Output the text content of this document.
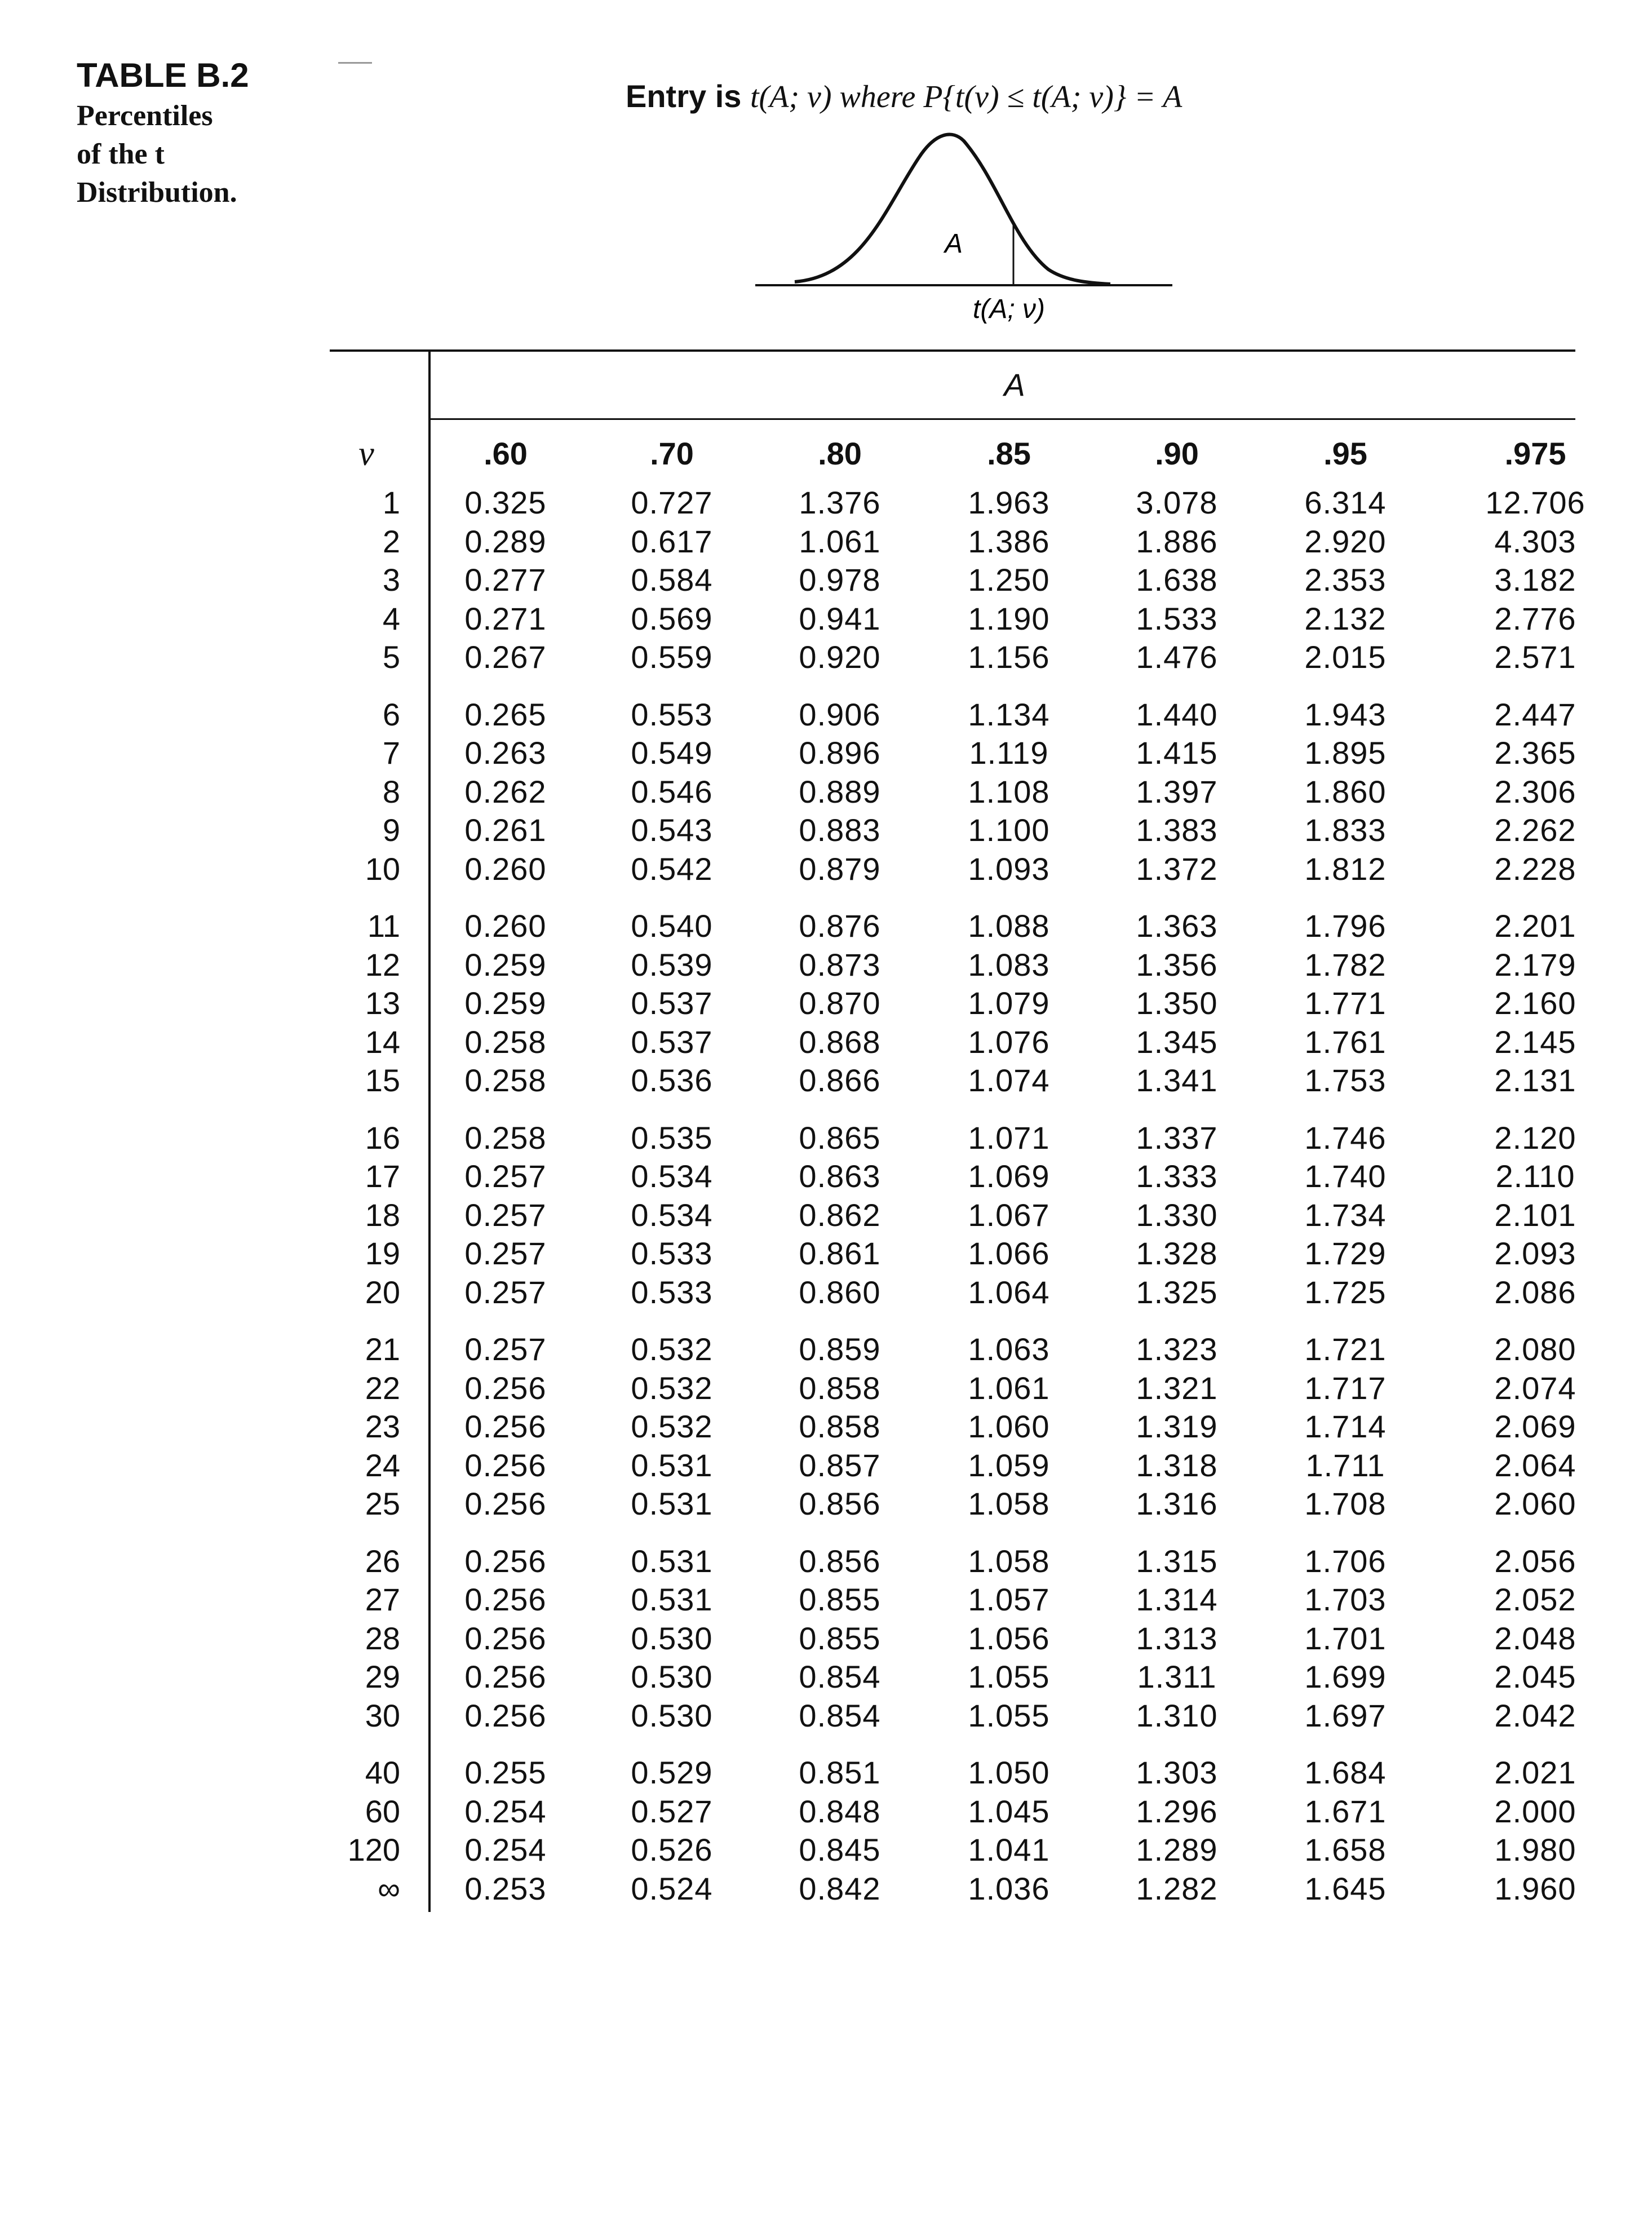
TABLE B.2
Percentiles
of the t
Distribution.
Entry is t(A; ν) where P{t(ν) ≤ t(A; ν)} = A
A
t(A; ν)
A
ν	.60	.70	.80	.85	.90	.95	.975
1	0.325	0.727	1.376	1.963	3.078	6.314	12.706
2	0.289	0.617	1.061	1.386	1.886	2.920	4.303
3	0.277	0.584	0.978	1.250	1.638	2.353	3.182
4	0.271	0.569	0.941	1.190	1.533	2.132	2.776
5	0.267	0.559	0.920	1.156	1.476	2.015	2.571
6	0.265	0.553	0.906	1.134	1.440	1.943	2.447
7	0.263	0.549	0.896	1.119	1.415	1.895	2.365
8	0.262	0.546	0.889	1.108	1.397	1.860	2.306
9	0.261	0.543	0.883	1.100	1.383	1.833	2.262
10	0.260	0.542	0.879	1.093	1.372	1.812	2.228
11	0.260	0.540	0.876	1.088	1.363	1.796	2.201
12	0.259	0.539	0.873	1.083	1.356	1.782	2.179
13	0.259	0.537	0.870	1.079	1.350	1.771	2.160
14	0.258	0.537	0.868	1.076	1.345	1.761	2.145
15	0.258	0.536	0.866	1.074	1.341	1.753	2.131
16	0.258	0.535	0.865	1.071	1.337	1.746	2.120
17	0.257	0.534	0.863	1.069	1.333	1.740	2.110
18	0.257	0.534	0.862	1.067	1.330	1.734	2.101
19	0.257	0.533	0.861	1.066	1.328	1.729	2.093
20	0.257	0.533	0.860	1.064	1.325	1.725	2.086
21	0.257	0.532	0.859	1.063	1.323	1.721	2.080
22	0.256	0.532	0.858	1.061	1.321	1.717	2.074
23	0.256	0.532	0.858	1.060	1.319	1.714	2.069
24	0.256	0.531	0.857	1.059	1.318	1.711	2.064
25	0.256	0.531	0.856	1.058	1.316	1.708	2.060
26	0.256	0.531	0.856	1.058	1.315	1.706	2.056
27	0.256	0.531	0.855	1.057	1.314	1.703	2.052
28	0.256	0.530	0.855	1.056	1.313	1.701	2.048
29	0.256	0.530	0.854	1.055	1.311	1.699	2.045
30	0.256	0.530	0.854	1.055	1.310	1.697	2.042
40	0.255	0.529	0.851	1.050	1.303	1.684	2.021
60	0.254	0.527	0.848	1.045	1.296	1.671	2.000
120	0.254	0.526	0.845	1.041	1.289	1.658	1.980
∞	0.253	0.524	0.842	1.036	1.282	1.645	1.960
